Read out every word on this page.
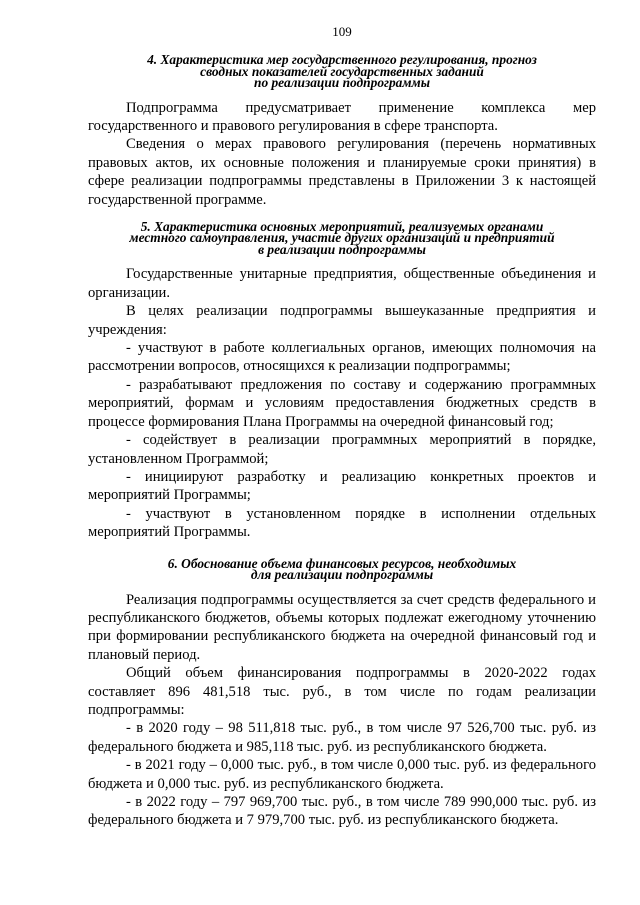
109
4. Характеристика мер государственного регулирования, прогноз
сводных показателей государственных заданий
по реализации подпрограммы

Подпрограмма предусматривает применение комплекса мер государственного и правового регулирования в сфере транспорта.

Сведения о мерах правового регулирования (перечень нормативных правовых актов, их основные положения и планируемые сроки принятия) в сфере реализации подпрограммы представлены в Приложении 3 к настоящей государственной программе.

5. Характеристика основных мероприятий, реализуемых органами
местного самоуправления, участие других организаций и предприятий
в реализации подпрограммы

Государственные унитарные предприятия, общественные объединения и организации.

В целях реализации подпрограммы вышеуказанные предприятия и учреждения:

- участвуют в работе коллегиальных органов, имеющих полномочия на рассмотрении вопросов, относящихся к реализации подпрограммы;

- разрабатывают предложения по составу и содержанию программных мероприятий, формам и условиям предоставления бюджетных средств в процессе формирования Плана Программы на очередной финансовый год;

- содействует в реализации программных мероприятий в порядке, установленном Программой;

- инициируют разработку и реализацию конкретных проектов и мероприятий Программы;

- участвуют в установленном порядке в исполнении отдельных мероприятий Программы.

6. Обоснование объема финансовых ресурсов, необходимых
для реализации подпрограммы

Реализация подпрограммы осуществляется за счет средств федерального и республиканского бюджетов, объемы которых подлежат ежегодному уточнению при формировании республиканского бюджета на очередной финансовый год и плановый период.

Общий объем финансирования подпрограммы в 2020-2022 годах составляет 896 481,518 тыс. руб., в том числе по годам реализации подпрограммы:

- в 2020 году – 98 511,818 тыс. руб., в том числе 97 526,700 тыс. руб. из федерального бюджета и 985,118 тыс. руб. из республиканского бюджета.

- в 2021 году – 0,000 тыс. руб., в том числе 0,000 тыс. руб. из федерального бюджета и 0,000 тыс. руб. из республиканского бюджета.

- в 2022 году – 797 969,700 тыс. руб., в том числе 789 990,000 тыс. руб. из федерального бюджета и 7 979,700 тыс. руб. из республиканского бюджета.
